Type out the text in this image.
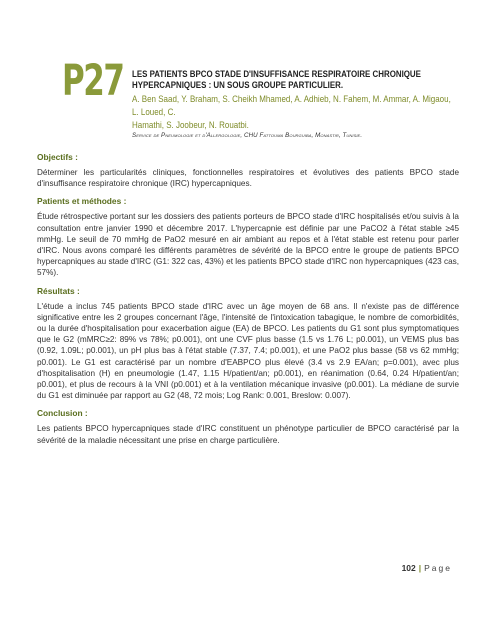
P27 LES PATIENTS BPCO STADE D'INSUFFISANCE RESPIRATOIRE CHRONIQUE
HYPERCAPNIQUES : UN SOUS GROUPE PARTICULIER.
A. Ben Saad, Y. Braham, S. Cheikh Mhamed, A. Adhieb, N. Fahem, M. Ammar, A. Migaou, L. Loued, C.
Hamathi, S. Joobeur, N. Rouatbi.
Service de Pneumologie et d'Allergologie, CHU Fattouma Bourguiba, Monastir, Tunisie.
Objectifs :
Déterminer les particularités cliniques, fonctionnelles respiratoires et évolutives des patients BPCO stade d'insuffisance respiratoire chronique (IRC) hypercapniques.
Patients et méthodes :
Étude rétrospective portant sur les dossiers des patients porteurs de BPCO stade d'IRC hospitalisés et/ou suivis à la consultation entre janvier 1990 et décembre 2017. L'hypercapnie est définie par une PaCO2 à l'état stable ≥45 mmHg. Le seuil de 70 mmHg de PaO2 mesuré en air ambiant au repos et à l'état stable est retenu pour parler d'IRC. Nous avons comparé les différents paramètres de sévérité de la BPCO entre le groupe de patients BPCO hypercapniques au stade d'IRC (G1: 322 cas, 43%) et les patients BPCO stade d'IRC non hypercapniques (423 cas, 57%).
Résultats :
L'étude a inclus 745 patients BPCO stade d'IRC avec un âge moyen de 68 ans. Il n'existe pas de différence significative entre les 2 groupes concernant l'âge, l'intensité de l'intoxication tabagique, le nombre de comorbidités, ou la durée d'hospitalisation pour exacerbation aigue (EA) de BPCO. Les patients du G1 sont plus symptomatiques que le G2 (mMRC≥2: 89% vs 78%; p0.001), ont une CVF plus basse (1.5 vs 1.76 L; p0.001), un VEMS plus bas (0.92, 1.09L; p0.001), un pH plus bas à l'état stable (7.37, 7.4; p0.001), et une PaO2 plus basse (58 vs 62 mmHg; p0.001). Le G1 est caractérisé par un nombre d'EABPCO plus élevé (3.4 vs 2.9 EA/an; p=0.001), avec plus d'hospitalisation (H) en pneumologie (1.47, 1.15 H/patient/an; p0.001), en réanimation (0.64, 0.24 H/patient/an; p0.001), et plus de recours à la VNI (p0.001) et à la ventilation mécanique invasive (p0.001). La médiane de survie du G1 est diminuée par rapport au G2 (48, 72 mois; Log Rank: 0.001, Breslow: 0.007).
Conclusion :
Les patients BPCO hypercapniques stade d'IRC constituent un phénotype particulier de BPCO caractérisé par la sévérité de la maladie nécessitant une prise en charge particulière.
102 | Page
